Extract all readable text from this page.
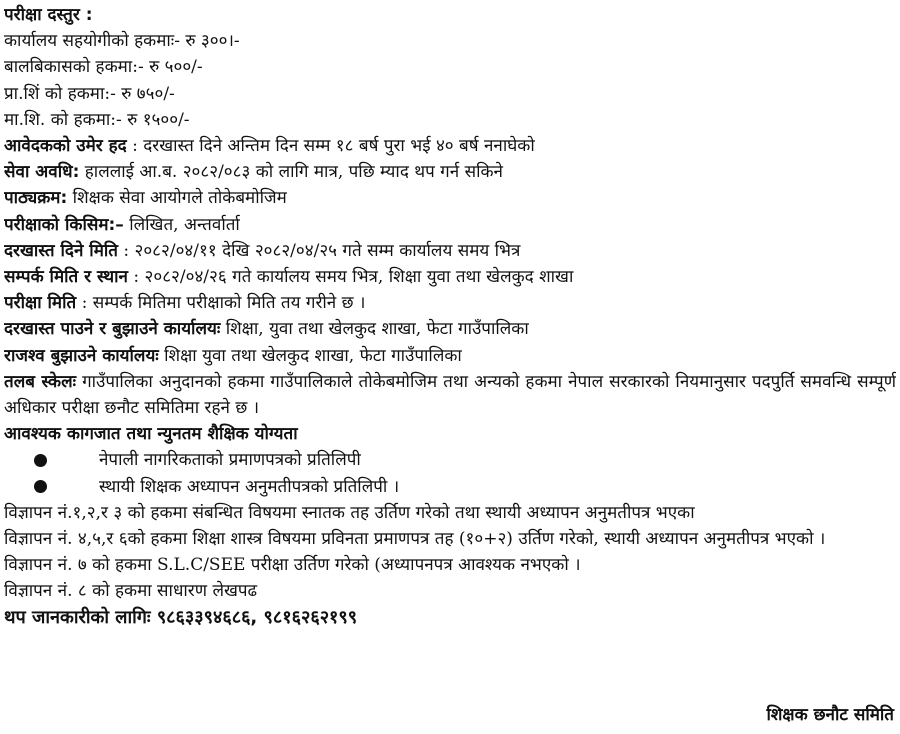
परीक्षा दस्तुर :
कार्यालय सहयोगीको हकमाः- रु ३००।-
बालबिकासको हकमा:- रु ५००/-
प्रा.शिं को हकमा:- रु ७५०/-
मा.शि. को हकमा:- रु १५००/-
आवेदकको उमेर हद : दरखास्त दिने अन्तिम दिन सम्म १८ बर्ष पुरा भई ४० बर्ष ननाघेको
सेवा अवधि: हाललाई आ.ब. २०८२/०८३ को लागि मात्र, पछि म्याद थप गर्न सकिने
पाठ्यक्रम: शिक्षक सेवा आयोगले तोकेबमोजिम
परीक्षाको किसिम:– लिखित, अन्तर्वार्ता
दरखास्त दिने मिति : २०८२/०४/११ देखि २०८२/०४/२५ गते सम्म कार्यालय समय भित्र
सम्पर्क मिति र स्थान : २०८२/०४/२६ गते कार्यालय समय भित्र, शिक्षा युवा तथा खेलकुद शाखा
परीक्षा मिति : सम्पर्क मितिमा परीक्षाको मिति तय गरीने छ ।
दरखास्त पाउने र बुझाउने कार्यालयः शिक्षा, युवा तथा खेलकुद शाखा, फेटा गाउँपालिका
राजश्व बुझाउने कार्यालयः शिक्षा युवा तथा खेलकुद शाखा, फेटा गाउँपालिका
तलब स्केलः गाउँपालिका अनुदानको हकमा गाउँपालिकाले तोकेबमोजिम तथा अन्यको हकमा नेपाल सरकारको नियमानुसार पदपुर्ति समवन्धि सम्पूर्ण अधिकार परीक्षा छनौट समितिमा रहने छ ।
आवश्यक कागजात तथा न्युनतम शैक्षिक योग्यता
नेपाली नागरिकताको प्रमाणपत्रको प्रतिलिपी
स्थायी शिक्षक अध्यापन अनुमतीपत्रको प्रतिलिपी ।
विज्ञापन नं.१,२,र ३ को हकमा संबन्धित विषयमा स्नातक तह उर्तिण गरेको तथा स्थायी अध्यापन अनुमतीपत्र भएका
विज्ञापन नं. ४,५,र ६को हकमा शिक्षा शास्त्र विषयमा प्रविनता प्रमाणपत्र तह (१०+२) उर्तिण गरेको, स्थायी अध्यापन अनुमतीपत्र भएको ।
विज्ञापन नं. ७ को हकमा S.L.C/SEE परीक्षा उर्तिण गरेको (अध्यापनपत्र आवश्यक नभएको ।
विज्ञापन नं. ८ को हकमा साधारण लेखपढ
थप जानकारीको लागिः ९८६३३९४६८६, ९८१६२६२१९९
शिक्षक छनौट समिति
